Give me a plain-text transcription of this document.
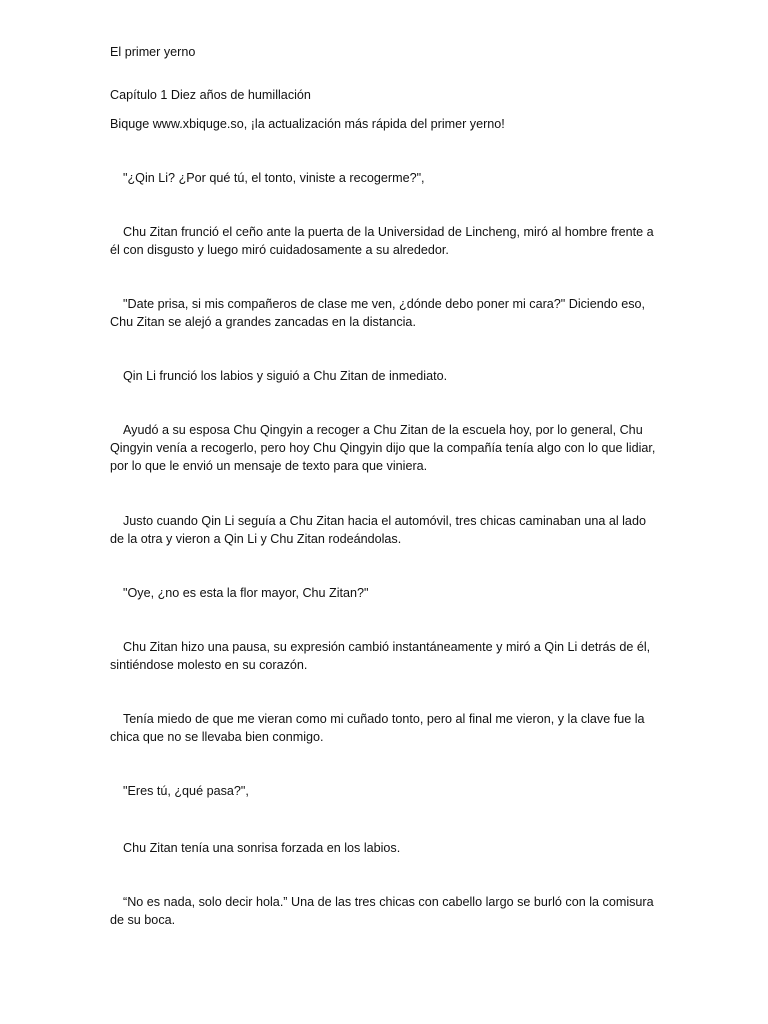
El primer yerno

Capítulo 1 Diez años de humillación

Biquge www.xbiquge.so, ¡la actualización más rápida del primer yerno!

"¿Qin Li? ¿Por qué tú, el tonto, viniste a recogerme?",

Chu Zitan frunció el ceño ante la puerta de la Universidad de Lincheng, miró al hombre frente a él con disgusto y luego miró cuidadosamente a su alrededor.

"Date prisa, si mis compañeros de clase me ven, ¿dónde debo poner mi cara?" Diciendo eso, Chu Zitan se alejó a grandes zancadas en la distancia.

Qin Li frunció los labios y siguió a Chu Zitan de inmediato.

Ayudó a su esposa Chu Qingyin a recoger a Chu Zitan de la escuela hoy, por lo general, Chu Qingyin venía a recogerlo, pero hoy Chu Qingyin dijo que la compañía tenía algo con lo que lidiar, por lo que le envió un mensaje de texto para que viniera.

Justo cuando Qin Li seguía a Chu Zitan hacia el automóvil, tres chicas caminaban una al lado de la otra y vieron a Qin Li y Chu Zitan rodeándolas.

"Oye, ¿no es esta la flor mayor, Chu Zitan?"

Chu Zitan hizo una pausa, su expresión cambió instantáneamente y miró a Qin Li detrás de él, sintiéndose molesto en su corazón.

Tenía miedo de que me vieran como mi cuñado tonto, pero al final me vieron, y la clave fue la chica que no se llevaba bien conmigo.

"Eres tú, ¿qué pasa?",

Chu Zitan tenía una sonrisa forzada en los labios.

“No es nada, solo decir hola.” Una de las tres chicas con cabello largo se burló con la comisura de su boca.
